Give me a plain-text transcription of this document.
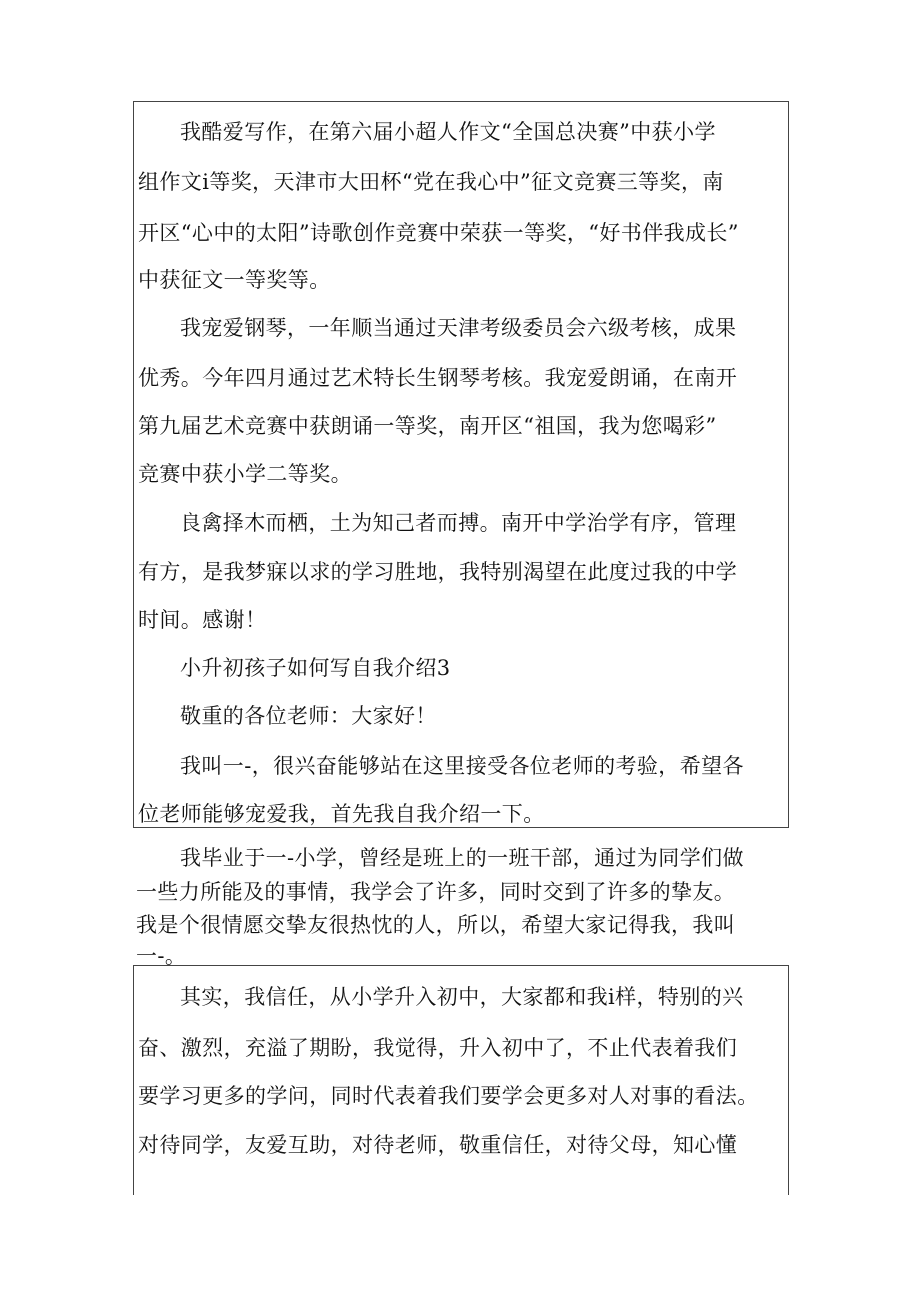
我酷爱写作，在第六届小超人作文“全国总决赛”中获小学
组作文i等奖，天津市大田杯“党在我心中”征文竞赛三等奖，南
开区“心中的太阳”诗歌创作竞赛中荣获一等奖，“好书伴我成长”
中获征文一等奖等。
我宠爱钢琴，一年顺当通过天津考级委员会六级考核，成果
优秀。今年四月通过艺术特长生钢琴考核。我宠爱朗诵，在南开
第九届艺术竞赛中获朗诵一等奖，南开区“祖国，我为您喝彩”
竞赛中获小学二等奖。
良禽择木而栖，土为知己者而搏。南开中学治学有序，管理
有方，是我梦寐以求的学习胜地，我特别渴望在此度过我的中学
时间。感谢！
小升初孩子如何写自我介绍3
敬重的各位老师：大家好！
我叫一-，很兴奋能够站在这里接受各位老师的考验，希望各
位老师能够宠爱我，首先我自我介绍一下。
我毕业于一-小学，曾经是班上的一班干部，通过为同学们做
一些力所能及的事情，我学会了许多，同时交到了许多的挚友。
我是个很情愿交挚友很热忱的人，所以，希望大家记得我，我叫
一-。
其实，我信任，从小学升入初中，大家都和我i样，特别的兴
奋、激烈，充溢了期盼，我觉得，升入初中了，不止代表着我们
要学习更多的学问，同时代表着我们要学会更多对人对事的看法。
对待同学，友爱互助，对待老师，敬重信任，对待父母，知心懂
